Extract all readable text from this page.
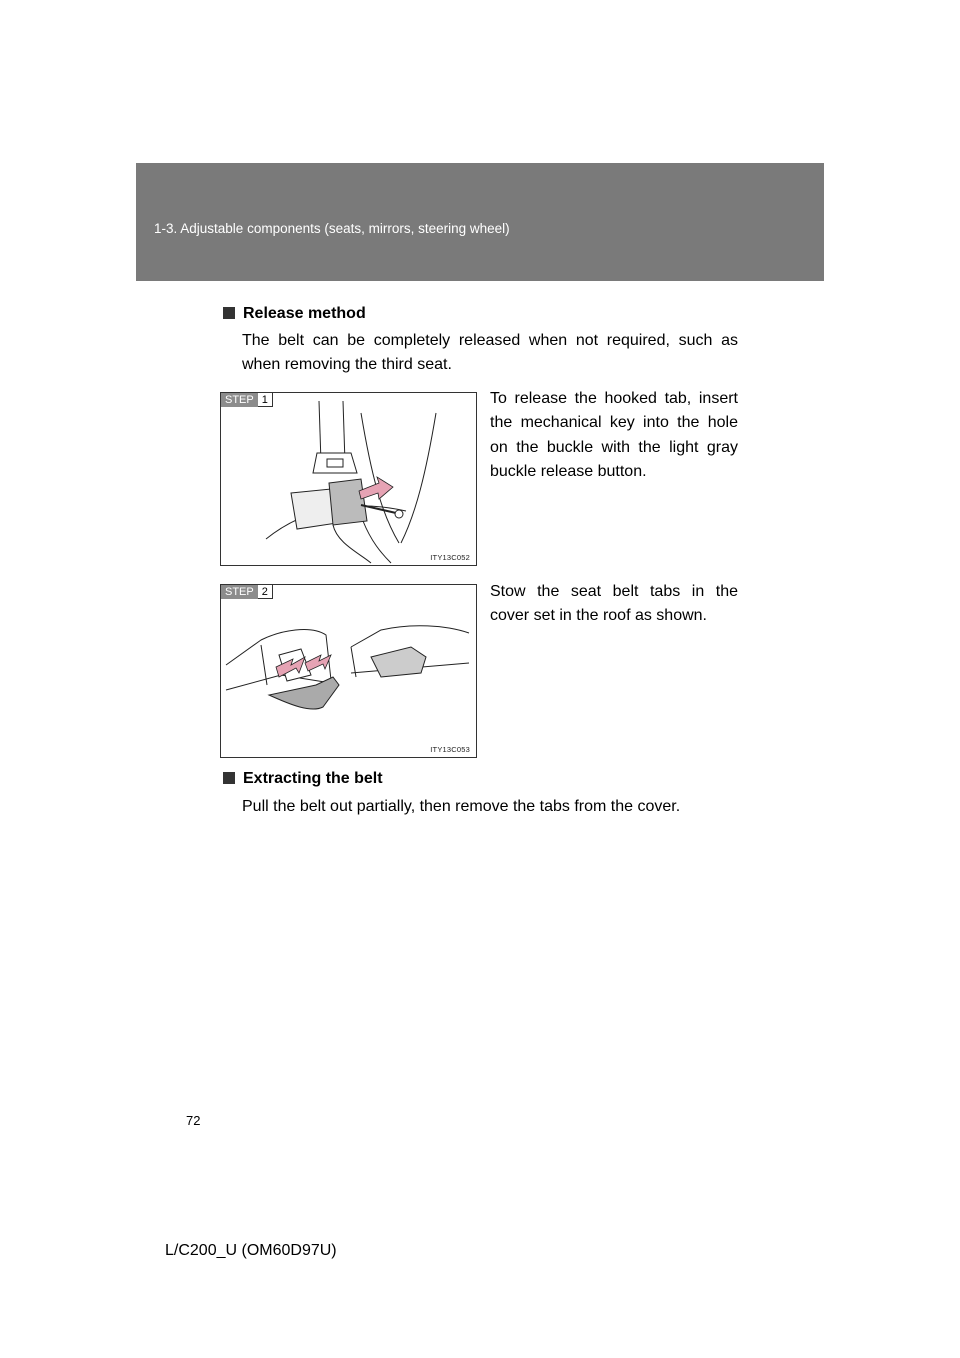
1-3. Adjustable components (seats, mirrors, steering wheel)
Release method
The belt can be completely released when not required, such as when removing the third seat.
STEP 1
ITY13C052
To release the hooked tab, insert the mechanical key into the hole on the buckle with the light gray buckle release button.
STEP 2
ITY13C053
Stow the seat belt tabs in the cover set in the roof as shown.
Extracting the belt
Pull the belt out partially, then remove the tabs from the cover.
72
L/C200_U (OM60D97U)
